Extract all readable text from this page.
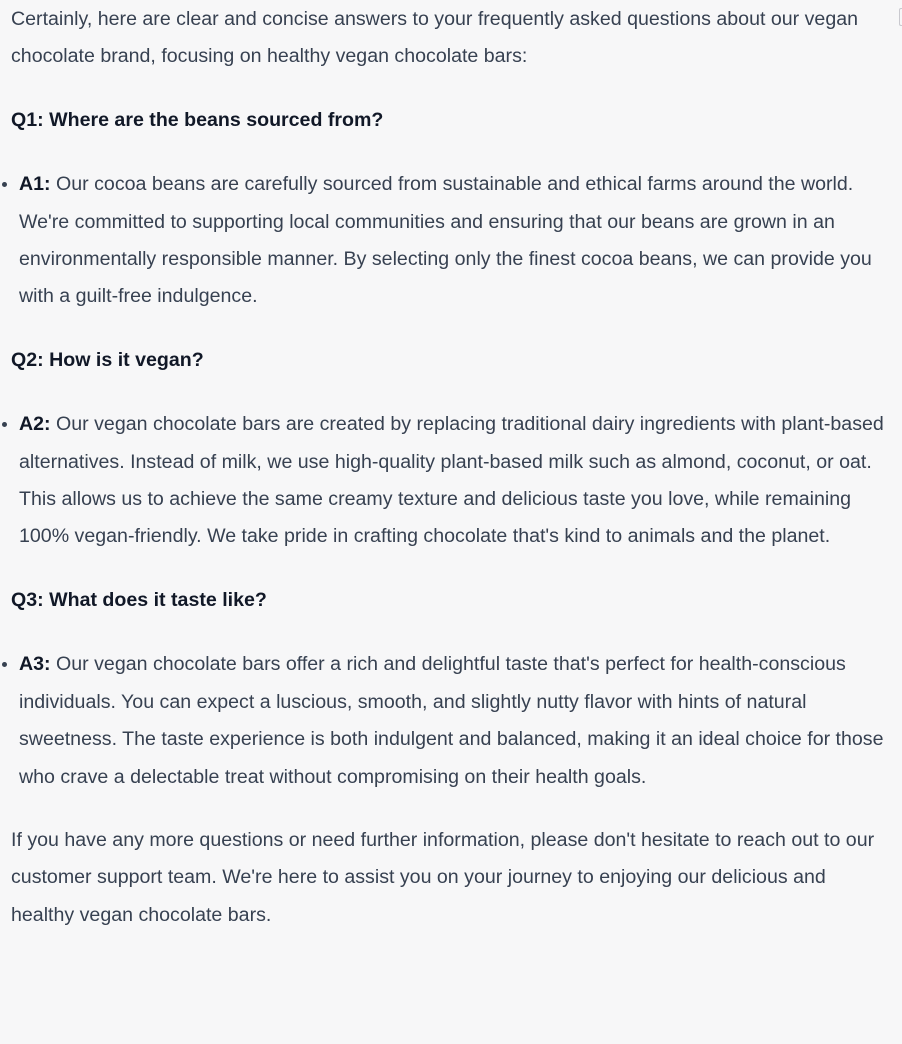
Certainly, here are clear and concise answers to your frequently asked questions about our vegan chocolate brand, focusing on healthy vegan chocolate bars:

Q1: Where are the beans sourced from?

A1: Our cocoa beans are carefully sourced from sustainable and ethical farms around the world. We're committed to supporting local communities and ensuring that our beans are grown in an environmentally responsible manner. By selecting only the finest cocoa beans, we can provide you with a guilt-free indulgence.

Q2: How is it vegan?

A2: Our vegan chocolate bars are created by replacing traditional dairy ingredients with plant-based alternatives. Instead of milk, we use high-quality plant-based milk such as almond, coconut, or oat. This allows us to achieve the same creamy texture and delicious taste you love, while remaining 100% vegan-friendly. We take pride in crafting chocolate that's kind to animals and the planet.

Q3: What does it taste like?

A3: Our vegan chocolate bars offer a rich and delightful taste that's perfect for health-conscious individuals. You can expect a luscious, smooth, and slightly nutty flavor with hints of natural sweetness. The taste experience is both indulgent and balanced, making it an ideal choice for those who crave a delectable treat without compromising on their health goals.

If you have any more questions or need further information, please don't hesitate to reach out to our customer support team. We're here to assist you on your journey to enjoying our delicious and healthy vegan chocolate bars.
